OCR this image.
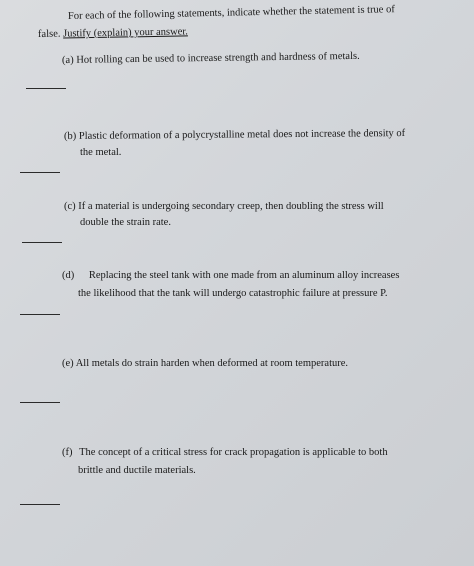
For each of the following statements, indicate whether the statement is true of
false. Justify (explain) your answer.
(a) Hot rolling can be used to increase strength and hardness of metals.
(b) Plastic deformation of a polycrystalline metal does not increase the density of
the metal.
(c) If a material is undergoing secondary creep, then doubling the stress will
double the strain rate.
(d) Replacing the steel tank with one made from an aluminum alloy increases
the likelihood that the tank will undergo catastrophic failure at pressure P.
(e) All metals do strain harden when deformed at room temperature.
(f) The concept of a critical stress for crack propagation is applicable to both
brittle and ductile materials.
